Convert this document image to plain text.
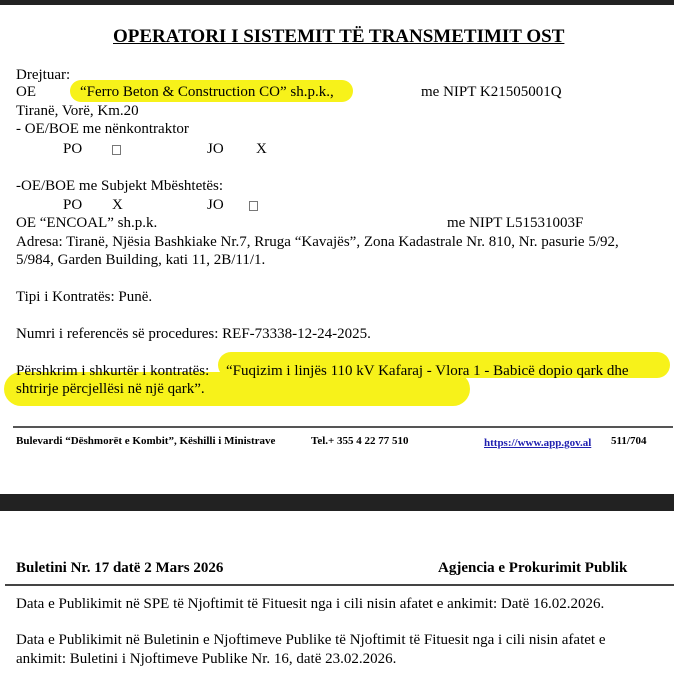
OPERATORI I SISTEMIT TË TRANSMETIMIT OST
Drejtuar:
OE	“Ferro Beton & Construction CO” sh.p.k.,	me NIPT K21505001Q
Tiranë, Vorë, Km.20
- OE/BOE me nënkontraktor
PO	JO X
-OE/BOE me Subjekt Mbështetës:
PO X	JO
OE “ENCOAL” sh.p.k.	me NIPT L51531003F
Adresa: Tiranë, Njësia Bashkiake Nr.7, Rruga “Kavajës”, Zona Kadastrale Nr. 810, Nr. pasurie 5/92,
5/984, Garden Building, kati 11, 2B/11/1.
Tipi i Kontratës: Punë.
Numri i referencës së procedures: REF-73338-12-24-2025.
Përshkrim i shkurtër i kontratës: “Fuqizim i linjës 110 kV Kafaraj - Vlora 1 - Babicë dopio qark dhe
shtrirje përcjellësi në një qark”.
Bulevardi “Dëshmorët e Kombit”, Këshilli i Ministrave	Tel.+ 355 4 22 77 510	https://www.app.gov.al 511/704
Buletini Nr. 17 datë 2 Mars 2026	Agjencia e Prokurimit Publik
Data e Publikimit në SPE të Njoftimit të Fituesit nga i cili nisin afatet e ankimit: Datë 16.02.2026.
Data e Publikimit në Buletinin e Njoftimeve Publike të Njoftimit të Fituesit nga i cili nisin afatet e
ankimit: Buletini i Njoftimeve Publike Nr. 16, datë 23.02.2026.
